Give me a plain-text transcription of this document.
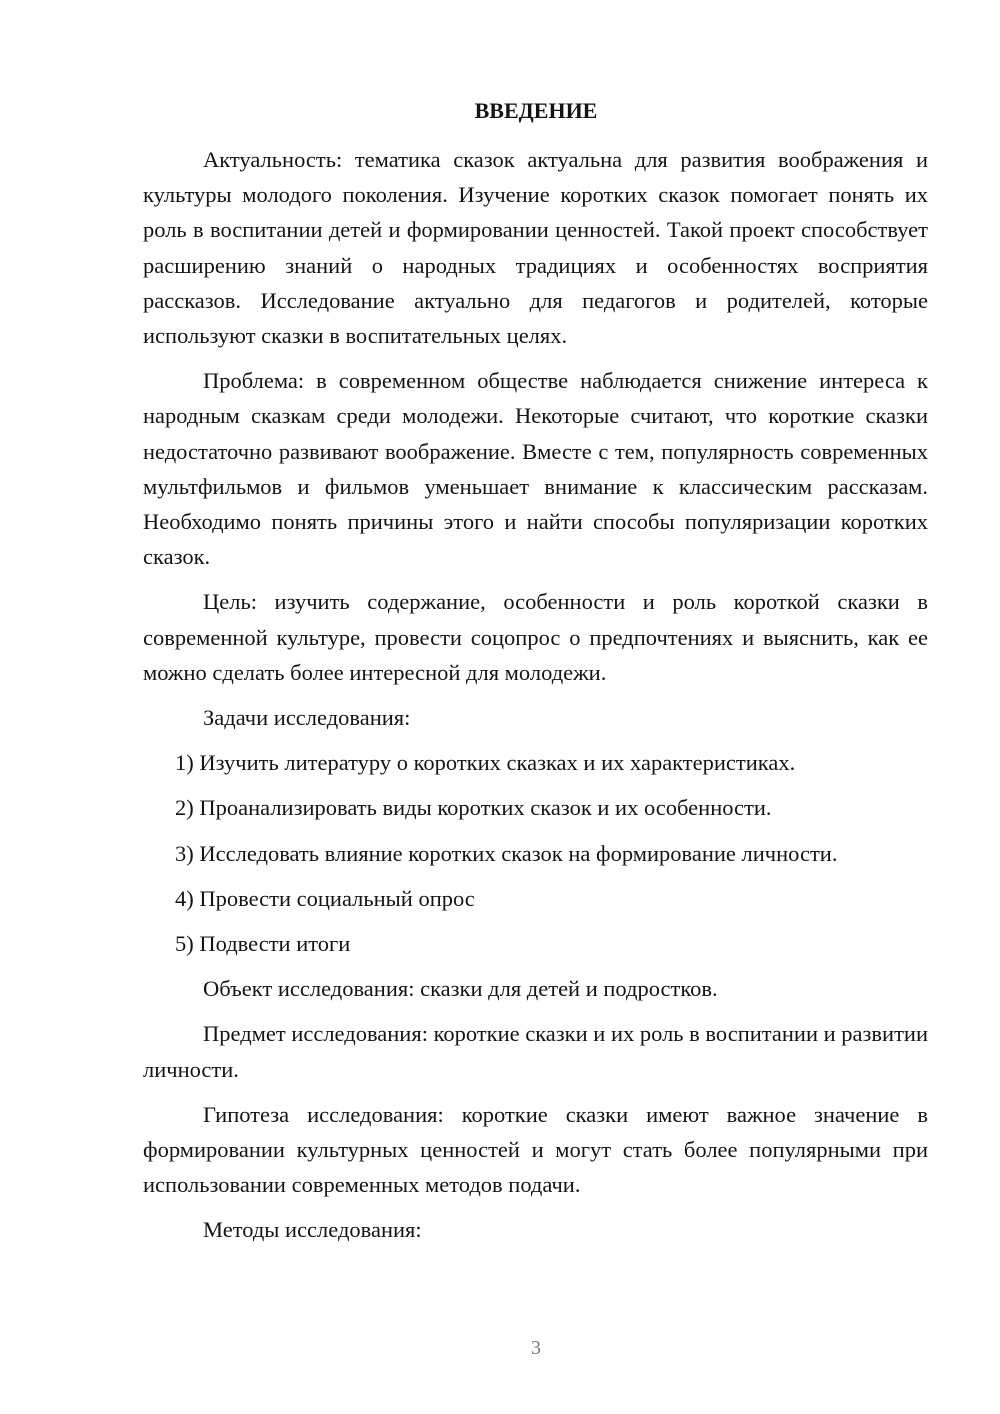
ВВЕДЕНИЕ

Актуальность: тематика сказок актуальна для развития воображения и культуры молодого поколения. Изучение коротких сказок помогает понять их роль в воспитании детей и формировании ценностей. Такой проект способствует расширению знаний о народных традициях и особенностях восприятия рассказов. Исследование актуально для педагогов и родителей, которые используют сказки в воспитательных целях.

Проблема: в современном обществе наблюдается снижение интереса к народным сказкам среди молодежи. Некоторые считают, что короткие сказки недостаточно развивают воображение. Вместе с тем, популярность современных мультфильмов и фильмов уменьшает внимание к классическим рассказам. Необходимо понять причины этого и найти способы популяризации коротких сказок.

Цель: изучить содержание, особенности и роль короткой сказки в современной культуре, провести соцопрос о предпочтениях и выяснить, как ее можно сделать более интересной для молодежи.

Задачи исследования:

1) Изучить литературу о коротких сказках и их характеристиках.
2) Проанализировать виды коротких сказок и их особенности.
3) Исследовать влияние коротких сказок на формирование личности.
4) Провести социальный опрос
5) Подвести итоги

Объект исследования: сказки для детей и подростков.

Предмет исследования: короткие сказки и их роль в воспитании и развитии личности.

Гипотеза исследования: короткие сказки имеют важное значение в формировании культурных ценностей и могут стать более популярными при использовании современных методов подачи.

Методы исследования:

3
